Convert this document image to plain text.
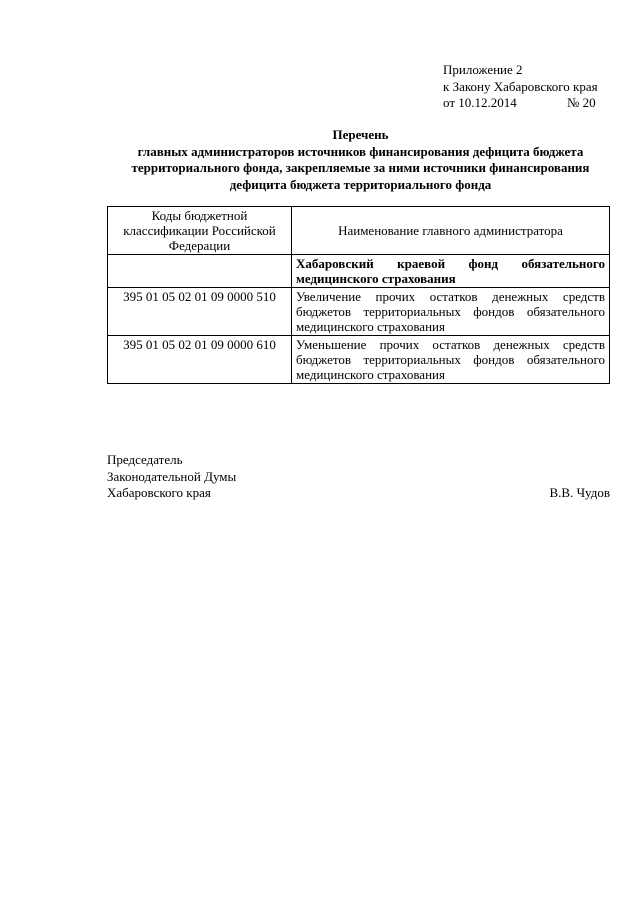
Приложение 2
к Закону Хабаровского края
от 10.12.2014	№ 20
Перечень
главных администраторов источников финансирования дефицита бюджета
территориального фонда, закрепляемые за ними источники финансирования
дефицита бюджета территориального фонда
Коды бюджетной классификации Российской Федерации	Наименование главного администратора
	Хабаровский краевой фонд обязательного медицинского страхования
395 01 05 02 01 09 0000 510	Увеличение прочих остатков денежных средств бюджетов территориальных фондов обязательного медицинского страхования
395 01 05 02 01 09 0000 610	Уменьшение прочих остатков денежных средств бюджетов территориальных фондов обязательного медицинского страхования
Председатель
Законодательной Думы
Хабаровского края	В.В. Чудов
